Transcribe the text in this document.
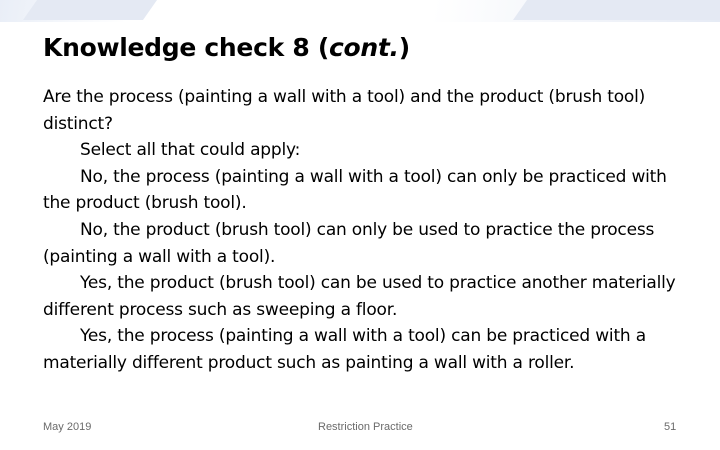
Knowledge check 8 (cont.)

Are the process (painting a wall with a tool) and the product (brush tool) distinct?

Select all that could apply:

No, the process (painting a wall with a tool) can only be practiced with the product (brush tool).

No, the product (brush tool) can only be used to practice the process (painting a wall with a tool).

Yes, the product (brush tool) can be used to practice another materially different process such as sweeping a floor.

Yes, the process (painting a wall with a tool) can be practiced with a materially different product such as painting a wall with a roller.

May 2019	Restriction Practice	51
